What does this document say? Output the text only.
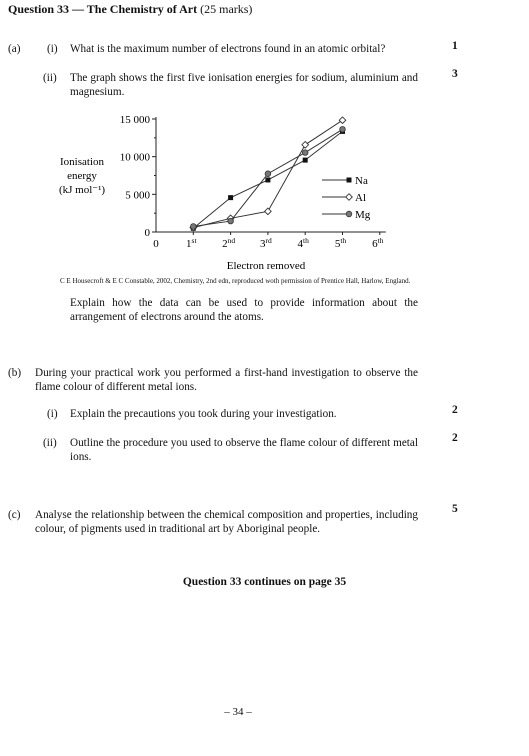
Question 33 — The Chemistry of Art (25 marks)
(a) (i) What is the maximum number of electrons found in an atomic orbital?	1
(ii) The graph shows the first five ionisation energies for sodium, aluminium and magnesium.
3
0
5 000
10 000
15 000
0 1st 2nd 3rd 4th 5th 6th
Na
Al
Mg
Ionisation
energy
(kJ mol⁻¹)
Electron removed
C E Housecroft & E C Constable, 2002, Chemistry, 2nd edn, reproduced woth permission of Prentice Hall, Harlow, England.
Explain how the data can be used to provide information about the arrangement of electrons around the atoms.
(b) During your practical work you performed a first-hand investigation to observe the flame colour of different metal ions.
(i) Explain the precautions you took during your investigation.	2
(ii) Outline the procedure you used to observe the flame colour of different metal ions.
2
(c) Analyse the relationship between the chemical composition and properties, including colour, of pigments used in traditional art by Aboriginal people.
5
Question 33 continues on page 35
– 34 –
